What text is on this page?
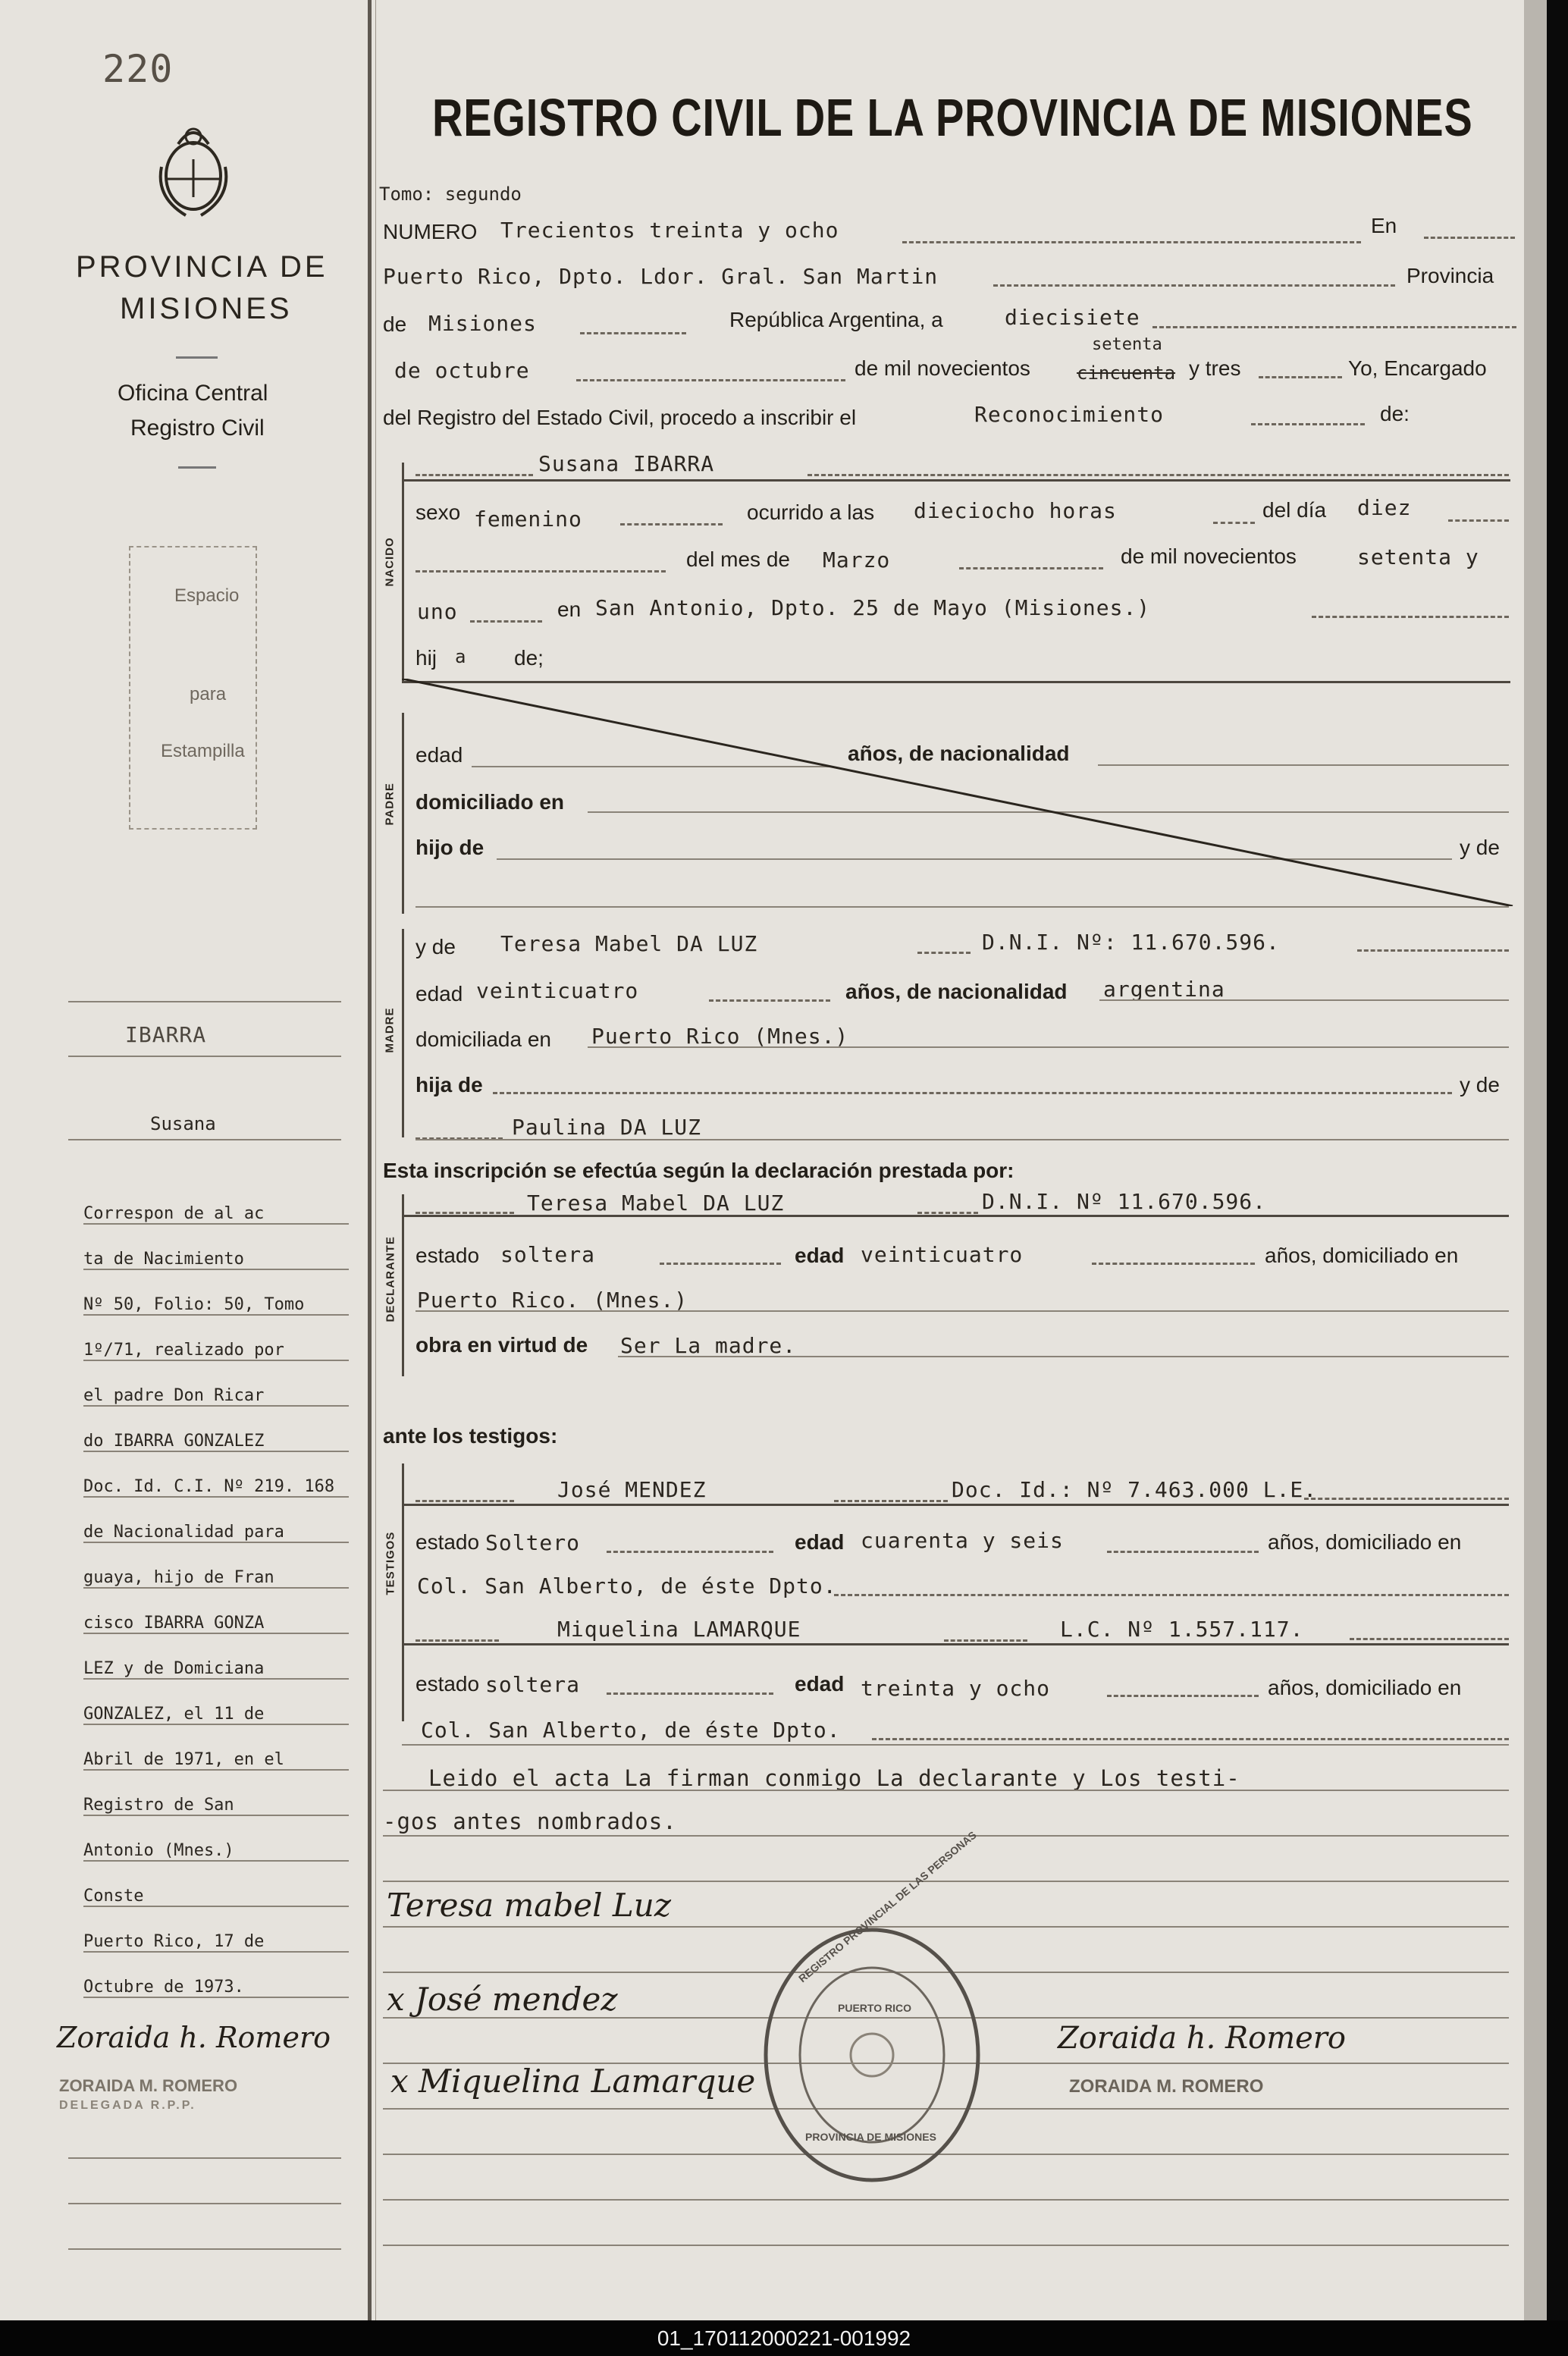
220
PROVINCIA DE
MISIONES
Oficina Central
Registro Civil
Espacio
para
Estampilla
REGISTRO CIVIL DE LA PROVINCIA DE MISIONES
Tomo: segundo
NUMERO Trecientos treinta y ocho	En
Puerto Rico, Dpto. Ldor. Gral. San Martin	Provincia
de Misiones	República Argentina, a	diecisiete
de octubre	de mil novecientos	cincuenta
setenta
y tres	Yo, Encargado
del Registro del Estado Civil, procedo a inscribir el	Reconocimiento	de:
NACIDO
Susana IBARRA
sexo femenino	ocurrido a las dieciocho horas	del día diez
del mes de Marzo	de mil novecientos	setenta y
uno	en San Antonio, Dpto. 25 de Mayo (Misiones.)
hij a de;
PADRE
edad	años, de nacionalidad
domiciliado en
hijo de	y de
MADRE
y de Teresa Mabel DA LUZ	D.N.I. Nº: 11.670.596.
edad veinticuatro	años, de nacionalidad argentina
domiciliada en Puerto Rico (Mnes.)
hija de	y de
Paulina DA LUZ
Esta inscripción se efectúa según la declaración prestada por:
DECLARANTE
Teresa Mabel DA LUZ	D.N.I. Nº 11.670.596.
estado soltera	edad veinticuatro	años, domiciliado en
Puerto Rico. (Mnes.)
obra en virtud de Ser La madre.
ante los testigos:
TESTIGOS
José MENDEZ	Doc. Id.: Nº 7.463.000 L.E.
estado Soltero	edad cuarenta y seis	años, domiciliado en
Col. San Alberto, de éste Dpto.
Miquelina LAMARQUE	L.C. Nº 1.557.117.
estado soltera	edad treinta y ocho	años, domiciliado en
Col. San Alberto, de éste Dpto.
Leido el acta La firman conmigo La declarante y Los testi-
-gos antes nombrados.
Teresa mabel Luz
x José mendez
x Miquelina Lamarque
Zoraida h. Romero
ZORAIDA M. ROMERO
REGISTRO PROVINCIAL DE LAS PERSONAS
PUERTO RICO
PROVINCIA DE MISIONES
IBARRA
Susana
Correspon de al ac
ta de Nacimiento
Nº 50, Folio: 50, Tomo
1º/71, realizado por
el padre Don Ricar
do IBARRA GONZALEZ
Doc. Id. C.I. Nº 219. 168
de Nacionalidad para
guaya, hijo de Fran
cisco IBARRA GONZA
LEZ y de Domiciana
GONZALEZ, el 11 de
Abril de 1971, en el
Registro de San
Antonio (Mnes.)
Conste
Puerto Rico, 17 de
Octubre de 1973.
Zoraida h. Romero
ZORAIDA M. ROMERO
DELEGADA R.P.P.
01_170112000221-001992
